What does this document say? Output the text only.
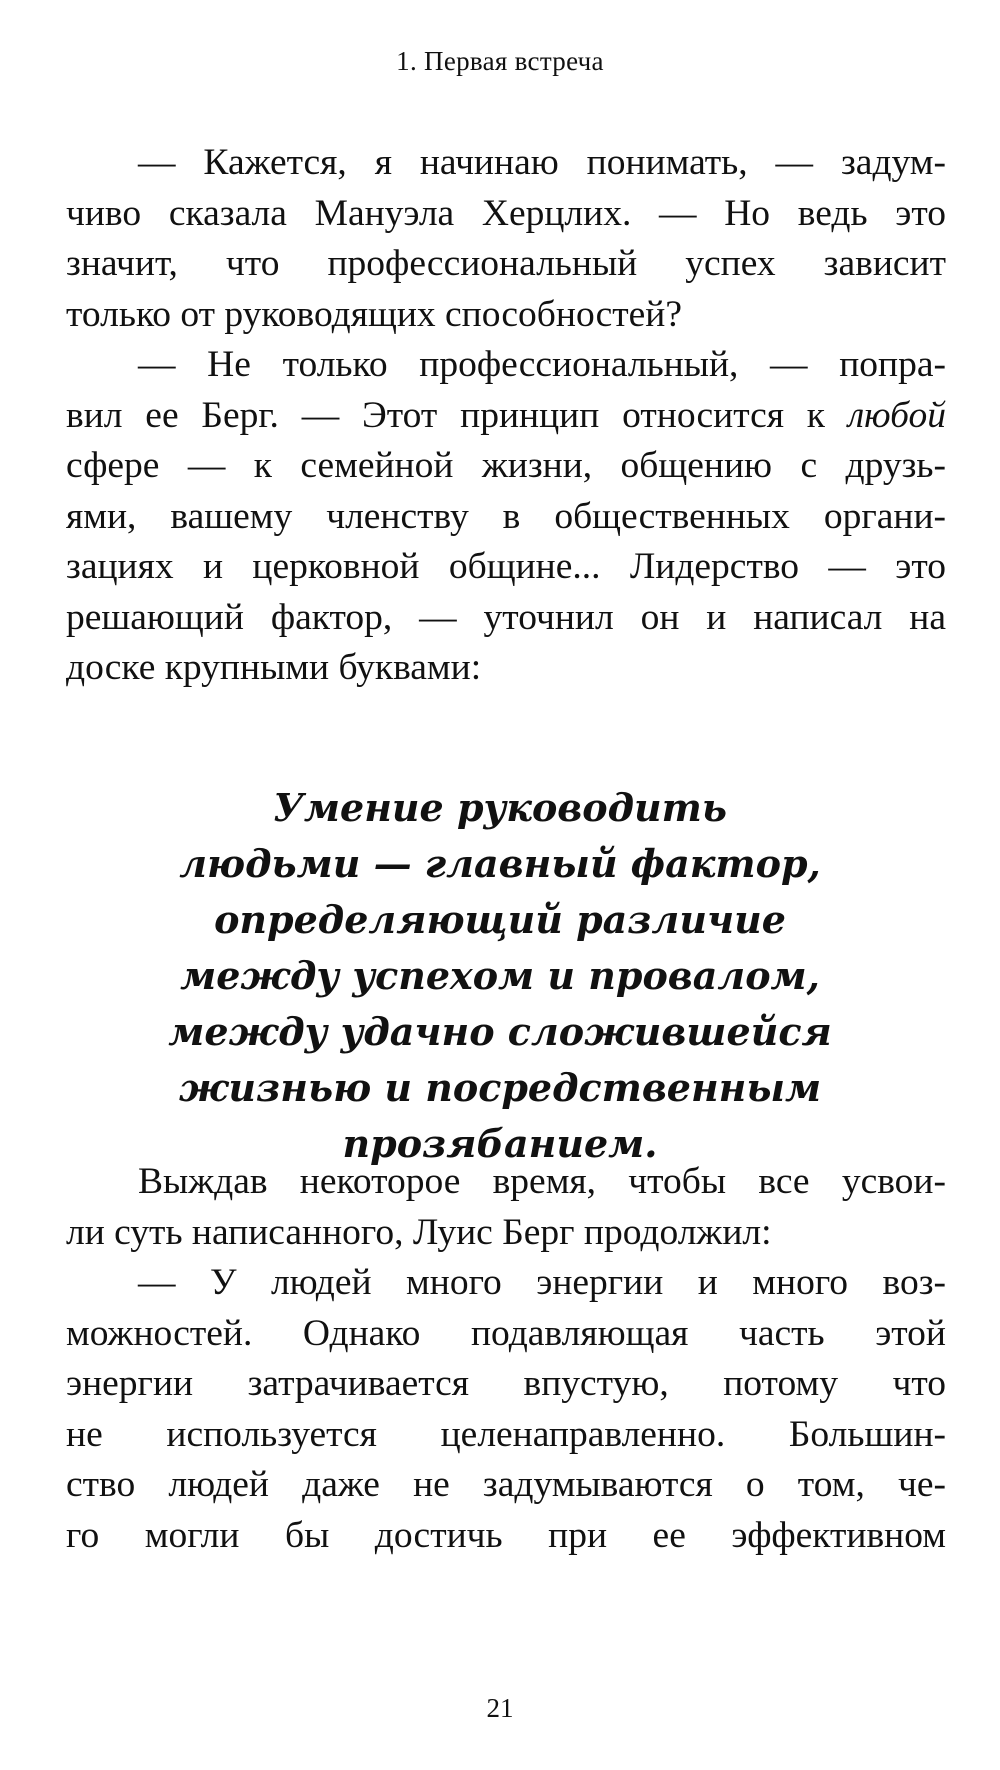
1. Первая встреча

— Кажется, я начинаю понимать, — задум-
чиво сказала Мануэла Херцлих. — Но ведь это
значит, что профессиональный успех зависит
только от руководящих способностей?

— Не только профессиональный, — попра-
вил ее Берг. — Этот принцип относится к любой
сфере — к семейной жизни, общению с друзь-
ями, вашему членству в общественных органи-
зациях и церковной общине... Лидерство — это
решающий фактор, — уточнил он и написал на
доске крупными буквами:

Умение руководить
людьми — главный фактор,
определяющий различие
между успехом и провалом,
между удачно сложившейся
жизнью и посредственным
прозябанием.

Выждав некоторое время, чтобы все усвои-
ли суть написанного, Луис Берг продолжил:

— У людей много энергии и много воз-
можностей. Однако подавляющая часть этой
энергии затрачивается впустую, потому что
не используется целенаправленно. Большин-
ство людей даже не задумываются о том, че-
го могли бы достичь при ее эффективном

21
